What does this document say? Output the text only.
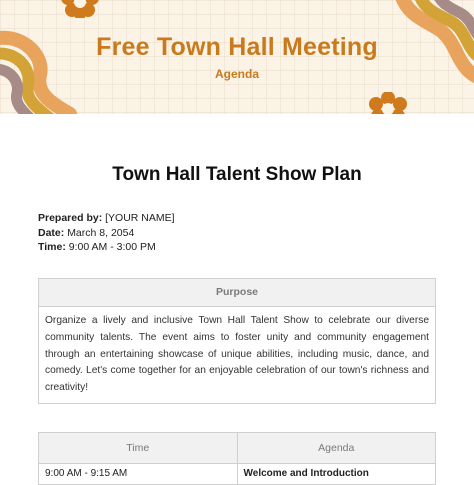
Free Town Hall Meeting
Agenda
Town Hall Talent Show Plan
Prepared by: [YOUR NAME]
Date: March 8, 2054
Time: 9:00 AM - 3:00 PM
Purpose
Organize a lively and inclusive Town Hall Talent Show to celebrate our diverse community talents. The event aims to foster unity and community engagement through an entertaining showcase of unique abilities, including music, dance, and comedy. Let's come together for an enjoyable celebration of our town's richness and creativity!
Time	Agenda
9:00 AM - 9:15 AM	Welcome and Introduction
